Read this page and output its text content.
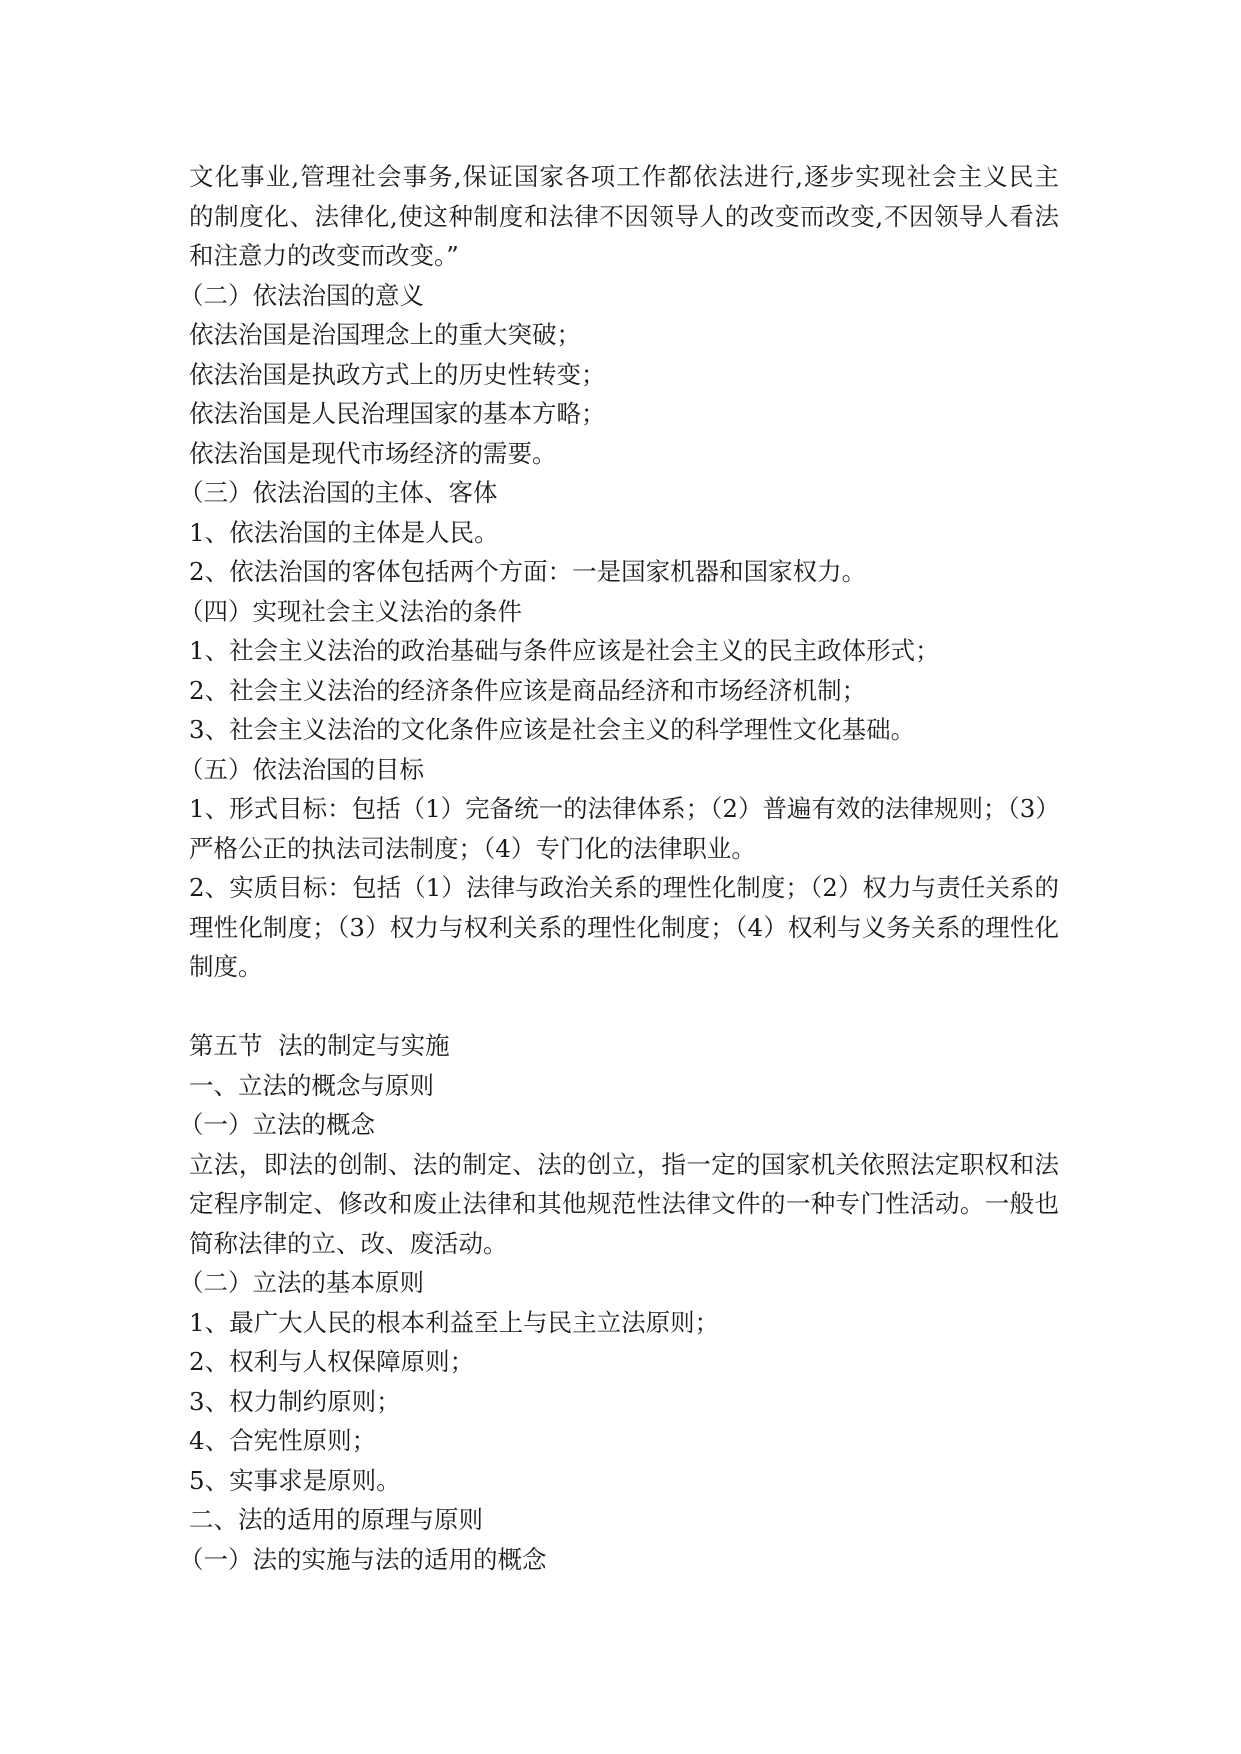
文化事业,管理社会事务,保证国家各项工作都依法进行,逐步实现社会主义民主
的制度化、法律化,使这种制度和法律不因领导人的改变而改变,不因领导人看法
和注意力的改变而改变。”
（二）依法治国的意义
依法治国是治国理念上的重大突破；
依法治国是执政方式上的历史性转变；
依法治国是人民治理国家的基本方略；
依法治国是现代市场经济的需要。
（三）依法治国的主体、客体
1、依法治国的主体是人民。
2、依法治国的客体包括两个方面：一是国家机器和国家权力。
（四）实现社会主义法治的条件
1、社会主义法治的政治基础与条件应该是社会主义的民主政体形式；
2、社会主义法治的经济条件应该是商品经济和市场经济机制；
3、社会主义法治的文化条件应该是社会主义的科学理性文化基础。
（五）依法治国的目标
1、形式目标：包括（1）完备统一的法律体系；（2）普遍有效的法律规则；（3）
严格公正的执法司法制度；（4）专门化的法律职业。
2、实质目标：包括（1）法律与政治关系的理性化制度；（2）权力与责任关系的
理性化制度；（3）权力与权利关系的理性化制度；（4）权利与义务关系的理性化
制度。
第五节  法的制定与实施
一、立法的概念与原则
（一）立法的概念
立法，即法的创制、法的制定、法的创立，指一定的国家机关依照法定职权和法
定程序制定、修改和废止法律和其他规范性法律文件的一种专门性活动。一般也
简称法律的立、改、废活动。
（二）立法的基本原则
1、最广大人民的根本利益至上与民主立法原则；
2、权利与人权保障原则；
3、权力制约原则；
4、合宪性原则；
5、实事求是原则。
二、法的适用的原理与原则
（一）法的实施与法的适用的概念
